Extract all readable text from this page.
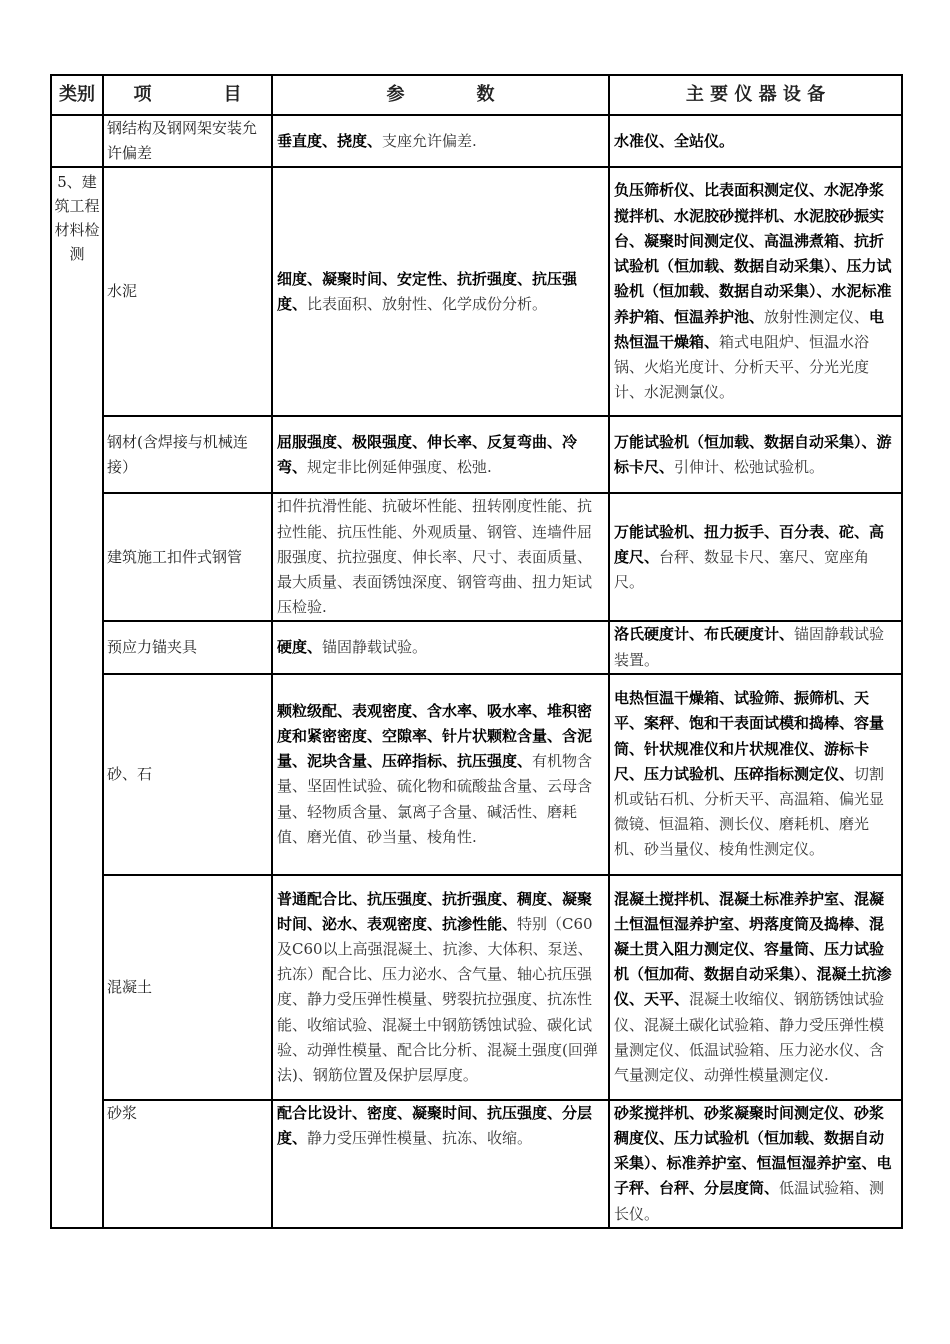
类别	项　　　　目	参　　　　数	主 要 仪 器 设 备
	钢结构及钢网架安装允许偏差	垂直度、挠度、支座允许偏差.	水准仪、全站仪。
5、建筑工程材料检测	水泥	细度、凝聚时间、安定性、抗折强度、抗压强度、比表面积、放射性、化学成份分析。	负压筛析仪、比表面积测定仪、水泥净浆搅拌机、水泥胶砂搅拌机、水泥胶砂振实台、凝聚时间测定仪、高温沸煮箱、抗折试验机（恒加载、数据自动采集）、压力试验机（恒加载、数据自动采集）、水泥标准养护箱、恒温养护池、放射性测定仪、电热恒温干燥箱、箱式电阻炉、恒温水浴锅、火焰光度计、分析天平、分光光度计、水泥测氯仪。
	钢材(含焊接与机械连接）	屈服强度、极限强度、伸长率、反复弯曲、冷弯、规定非比例延伸强度、松弛.	万能试验机（恒加载、数据自动采集）、游标卡尺、引伸计、松弛试验机。
	建筑施工扣件式钢管	扣件抗滑性能、抗破坏性能、扭转刚度性能、抗拉性能、抗压性能、外观质量、钢管、连墙件屈服强度、抗拉强度、伸长率、尺寸、表面质量、最大质量、表面锈蚀深度、钢管弯曲、扭力矩试压检验.	万能试验机、扭力扳手、百分表、砣、高度尺、台秤、数显卡尺、塞尺、宽座角尺。
	预应力锚夹具	硬度、锚固静载试验。	洛氏硬度计、布氏硬度计、锚固静载试验装置。
	砂、石	颗粒级配、表观密度、含水率、吸水率、堆积密度和紧密密度、空隙率、针片状颗粒含量、含泥量、泥块含量、压碎指标、抗压强度、有机物含量、坚固性试验、硫化物和硫酸盐含量、云母含量、轻物质含量、氯离子含量、碱活性、磨耗值、磨光值、砂当量、棱角性.	电热恒温干燥箱、试验筛、振筛机、天平、案秤、饱和干表面试模和捣棒、容量筒、针状规准仪和片状规准仪、游标卡尺、压力试验机、压碎指标测定仪、切割机或钻石机、分析天平、高温箱、偏光显微镜、恒温箱、测长仪、磨耗机、磨光机、砂当量仪、棱角性测定仪。
	混凝土	普通配合比、抗压强度、抗折强度、稠度、凝聚时间、泌水、表观密度、抗渗性能、特别（C60及C60以上高强混凝土、抗渗、大体积、泵送、抗冻）配合比、压力泌水、含气量、轴心抗压强度、静力受压弹性模量、劈裂抗拉强度、抗冻性能、收缩试验、混凝土中钢筋锈蚀试验、碳化试验、动弹性模量、配合比分析、混凝土强度(回弹法)、钢筋位置及保护层厚度。	混凝土搅拌机、混凝土标准养护室、混凝土恒温恒湿养护室、坍落度筒及捣棒、混凝土贯入阻力测定仪、容量筒、压力试验机（恒加荷、数据自动采集）、混凝土抗渗仪、天平、混凝土收缩仪、钢筋锈蚀试验仪、混凝土碳化试验箱、静力受压弹性模量测定仪、低温试验箱、压力泌水仪、含气量测定仪、动弹性模量测定仪.
	砂浆	配合比设计、密度、凝聚时间、抗压强度、分层度、静力受压弹性模量、抗冻、收缩。	砂浆搅拌机、砂浆凝聚时间测定仪、砂浆稠度仪、压力试验机（恒加载、数据自动采集）、标准养护室、恒温恒湿养护室、电子秤、台秤、分层度筒、低温试验箱、测长仪。
